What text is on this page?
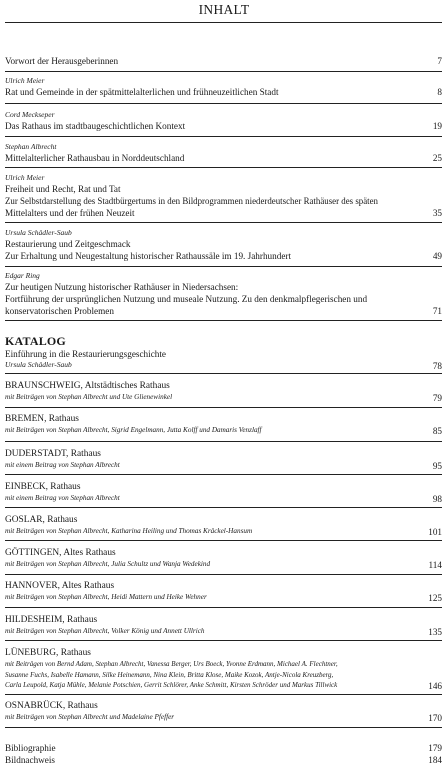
INHALT
Vorwort der Herausgeberinnen	7
Ulrich Meier
Rat und Gemeinde in der spätmittelalterlichen und frühneuzeitlichen Stadt	8
Cord Meckseper
Das Rathaus im stadtbaugeschichtlichen Kontext	19
Stephan Albrecht
Mittelalterlicher Rathausbau in Norddeutschland	25
Ulrich Meier
Freiheit und Recht, Rat und Tat
Zur Selbstdarstellung des Stadtbürgertums in den Bildprogrammen niederdeutscher Rathäuser des späten
Mittelalters und der frühen Neuzeit	35
Ursula Schädler-Saub
Restaurierung und Zeitgeschmack
Zur Erhaltung und Neugestaltung historischer Rathaussäle im 19. Jahrhundert	49
Edgar Ring
Zur heutigen Nutzung historischer Rathäuser in Niedersachsen:
Fortführung der ursprünglichen Nutzung und museale Nutzung. Zu den denkmalpflegerischen und
konservatorischen Problemen	71
KATALOG
Einführung in die Restaurierungsgeschichte
Ursula Schädler-Saub	78
BRAUNSCHWEIG, Altstädtisches Rathaus
mit Beiträgen von Stephan Albrecht und Ute Glienewinkel	79
BREMEN, Rathaus
mit Beiträgen von Stephan Albrecht, Sigrid Engelmann, Jutta Kolff und Damaris Venzlaff	85
DUDERSTADT, Rathaus
mit einem Beitrag von Stephan Albrecht	95
EINBECK, Rathaus
mit einem Beitrag von Stephan Albrecht	98
GOSLAR, Rathaus
mit Beiträgen von Stephan Albrecht, Katharina Heiling und Thomas Kräckel-Hansum	101
GÖTTINGEN, Altes Rathaus
mit Beiträgen von Stephan Albrecht, Julia Schultz und Wanja Wedekind	114
HANNOVER, Altes Rathaus
mit Beiträgen von Stephan Albrecht, Heidi Mattern und Heike Wehner	125
HILDESHEIM, Rathaus
mit Beiträgen von Stephan Albrecht, Volker König und Annett Ullrich	135
LÜNEBURG, Rathaus
mit Beiträgen von Bernd Adam, Stephan Albrecht, Vanessa Berger, Urs Boeck, Yvonne Erdmann, Michael A. Flechtner,
Susanne Fuchs, Isabelle Hamann, Silke Heinemann, Nina Klein, Britta Klose, Maike Kozok, Antje-Nicola Kreuzberg,
Carla Leupold, Katja Mühle, Melanie Potschien, Gerrit Schlörer, Anke Schmitt, Kirsten Schröder und Markus Tillwick	146
OSNABRÜCK, Rathaus
mit Beiträgen von Stephan Albrecht und Madelaine Pfeffer	170
Bibliographie	179
Bildnachweis	184
